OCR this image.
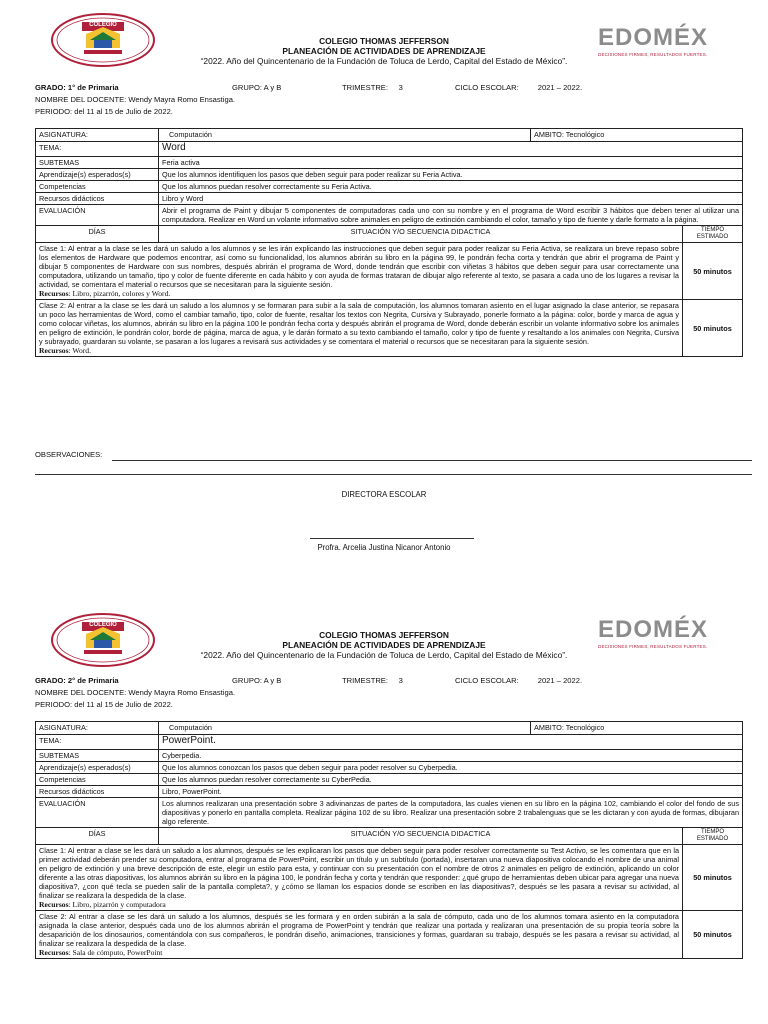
COLEGIO	EDOMÉX
DECISIONES FIRMES, RESULTADOS FUERTES.
COLEGIO THOMAS JEFFERSON
PLANEACIÓN DE ACTIVIDADES DE APRENDIZAJE
“2022. Año del Quincentenario de la Fundación de Toluca de Lerdo, Capital del Estado de México”.
GRADO: 1° de Primaria	GRUPO: A y B	TRIMESTRE: 3	CICLO ESCOLAR:	2021 – 2022.
NOMBRE DEL DOCENTE: Wendy Mayra Romo Ensastiga.
PERIODO: del 11 al 15 de Julio de 2022.
ASIGNATURA:	Computación	AMBITO: Tecnológico	
TEMA:	Word		
SUBTEMAS	Feria activa		
Aprendizaje(s) esperados(s)	Que los alumnos identifiquen los pasos que deben seguir para poder realizar su Feria Activa.		
Competencias	Que los alumnos puedan resolver correctamente su Feria Activa.		
Recursos didácticos	Libro y Word		
EVALUACIÓN	Abrir el programa de Paint y dibujar 5 componentes de computadoras cada uno con su nombre y en el programa de Word escribir 3 hábitos que deben tener al utilizar una computadora. Realizar en Word un volante informativo sobre animales en peligro de extinción cambiando el color, tamaño y tipo de fuente y darle formato a la página.		
DÍAS	SITUACIÓN Y/O SECUENCIA DIDACTICA		TIEMPO ESTIMADO

Clase 1: Al entrar a la clase se les dará un saludo a los alumnos y se les irán explicando las instrucciones que deben seguir para poder realizar su Feria Activa, se realizara un breve repaso sobre los elementos de Hardware que podemos encontrar, así como su funcionalidad, los alumnos abrirán su libro en la página 99, le pondrán fecha corta y tendrán que abrir el programa de Paint y dibujar 5 componentes de Hardware con sus nombres, después abrirán el programa de Word, donde tendrán que escribir con viñetas 3 hábitos que deben seguir para usar correctamente una computadora, utilizando un tamaño, tipo y color de fuente diferente en cada hábito y con ayuda de formas trataran de dibujar algo referente al texto, se pasara a cada uno de los lugares a revisar la actividad, se comentara el material o recursos que se necesitaran para la siguiente sesión.
Recursos: Libro, pizarrón, colores y Word.			50 minutos

Clase 2: Al entrar a la clase se les dará un saludo a los alumnos y se formaran para subir a la sala de computación, los alumnos tomaran asiento en el lugar asignado la clase anterior, se repasara un poco las herramientas de Word, como el cambiar tamaño, tipo, color de fuente, resaltar los textos con Negrita, Cursiva y Subrayado, ponerle formato a la página: color, borde y marca de agua y como colocar viñetas, los alumnos, abrirán su libro en la página 100 le pondrán fecha corta y después abrirán el programa de Word, donde deberán escribir un volante informativo sobre los animales en peligro de extinción, le pondrán color, borde de página, marca de agua, y le darán formato a su texto cambiando el tamaño, color y tipo de fuente y resaltando a los animales con Negrita, Cursiva y subrayado, guardaran su volante, se pasaran a los lugares a revisará sus actividades y se comentara el material o recursos que se necesitaran para la siguiente sesión.
Recursos: Word.			50 minutos
OBSERVACIONES:
DIRECTORA ESCOLAR
Profra. Arcelia Justina Nicanor Antonio
COLEGIO	EDOMÉX
DECISIONES FIRMES, RESULTADOS FUERTES.
COLEGIO THOMAS JEFFERSON
PLANEACIÓN DE ACTIVIDADES DE APRENDIZAJE
“2022. Año del Quincentenario de la Fundación de Toluca de Lerdo, Capital del Estado de México”.
GRADO: 2° de Primaria	GRUPO: A y B	TRIMESTRE: 3	CICLO ESCOLAR:	2021 – 2022.
NOMBRE DEL DOCENTE: Wendy Mayra Romo Ensastiga.
PERIODO: del 11 al 15 de Julio de 2022.
ASIGNATURA:	Computación	AMBITO: Tecnológico	
TEMA:	PowerPoint.		
SUBTEMAS	Cyberpedia.		
Aprendizaje(s) esperados(s)	Que los alumnos conozcan los pasos que deben seguir para poder resolver su Cyberpedia.		
Competencias	Que los alumnos puedan resolver correctamente su CyberPedia.		
Recursos didácticos	Libro, PowerPoint.		
EVALUACIÓN	Los alumnos realizaran una presentación sobre 3 adivinanzas de partes de la computadora, las cuales vienen en su libro en la página 102, cambiando el color del fondo de sus diapositivas y ponerlo en pantalla completa. Realizar página 102 de su libro. Realizar una presentación sobre 2 trabalenguas que se les dictaran y con ayuda de formas, dibujaran algo referente.		
DÍAS	SITUACIÓN Y/O SECUENCIA DIDACTICA		TIEMPO ESTIMADO

Clase 1: Al entrar a clase se les dará un saludo a los alumnos, después se les explicaran los pasos que deben seguir para poder resolver correctamente su Test Activo, se les comentara que en la primer actividad deberán prender su computadora, entrar al programa de PowerPoint, escribir un título y un subtítulo (portada), insertaran una nueva diapositiva colocando el nombre de una animal en peligro de extinción y una breve descripción de este, elegir un estilo para esta, y continuar con su presentación con el nombre de otros 2 animales en peligro de extinción, aplicando un color diferente a las otras diapositivas, los alumnos abrirán su libro en la página 100, le pondrán fecha y corta y tendrán que responder: ¿qué grupo de herramientas deben ubicar para agregar una nueva diapositiva?, ¿con qué tecla se pueden salir de la pantalla completa?, y ¿cómo se llaman los espacios donde se escriben en las diapositivas?, después se les pasara a revisar su actividad, al finalizar se realizara la despedida de la clase.
Recursos: Libro, pizarrón y computadora			50 minutos

Clase 2: Al entrar a clase se les dará un saludo a los alumnos, después se les formara y en orden subirán a la sala de cómputo, cada uno de los alumnos tomara asiento en la computadora asignada la clase anterior, después cada uno de los alumnos abrirán el programa de PowerPoint y tendrán que realizar una portada y realizaran una presentación de su propia teoría sobre la desaparición de los dinosaurios, comentándola con sus compañeros, le pondrán diseño, animaciones, transiciones y formas, guardaran su trabajo, después se les pasara a revisar su actividad, al finalizar se realizara la despedida de la clase.
Recursos: Sala de cómputo, PowerPoint			50 minutos
